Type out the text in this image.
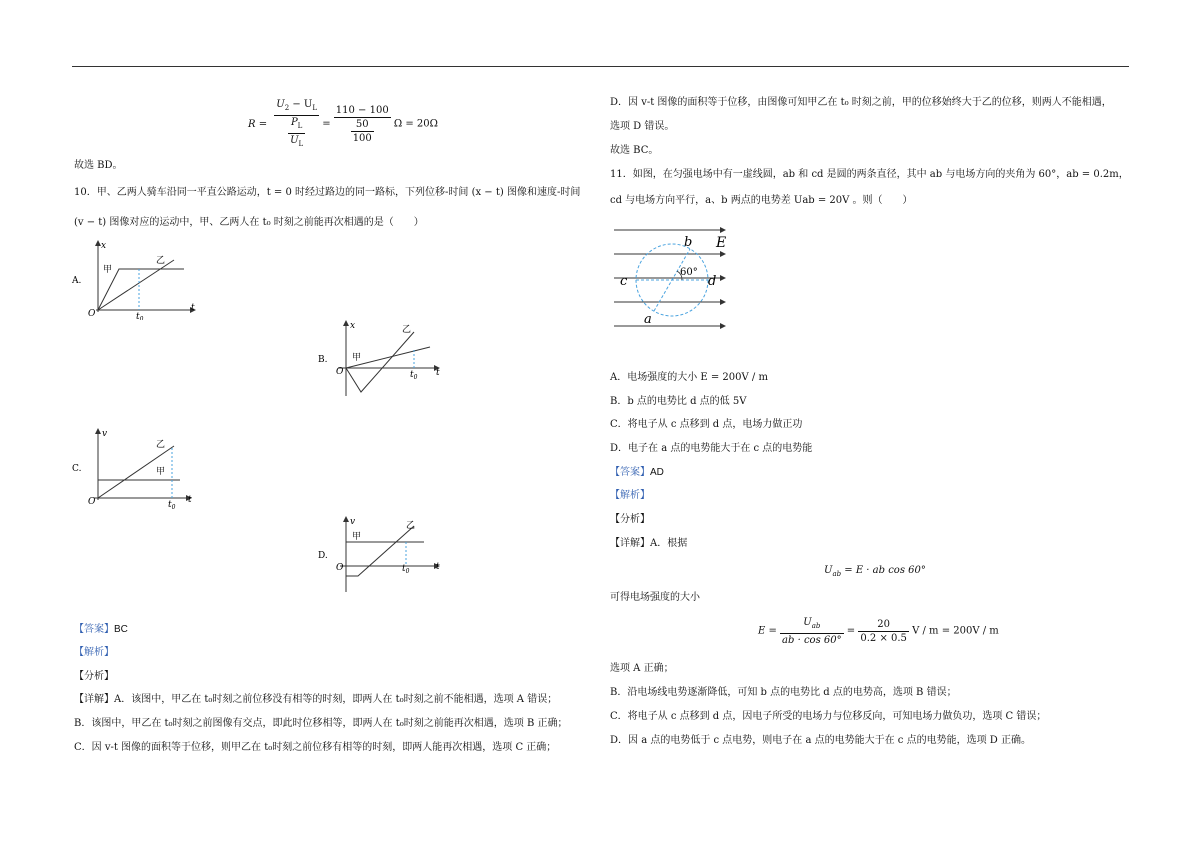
$R = \frac{U_2 - U_L}{\frac{P_L}{U_L}} = \frac{110 - 100}{\frac{50}{100}}$ Ω = 20Ω
故选 BD。
10．甲、乙两人骑车沿同一平直公路运动，t = 0 时经过路边的同一路标，下列位移-时间 (x − t) 图像和速度-时间
(v − t) 图像对应的运动中，甲、乙两人在 t₀ 时刻之前能再次相遇的是（　　）
A.
x
t
O
甲
乙
$t_0$
B.
x
t
O
甲
乙
$t_0$
C.
v
t
O
甲
乙
$t_0$
D.
v
t
O
甲
乙
$t_0$
【答案】BC
【解析】
【分析】
【详解】A．该图中，甲乙在 t₀时刻之前位移没有相等的时刻，即两人在 t₀时刻之前不能相遇，选项 A 错误；
B．该图中，甲乙在 t₀时刻之前图像有交点，即此时位移相等，即两人在 t₀时刻之前能再次相遇，选项 B 正确；
C．因 v-t 图像的面积等于位移，则甲乙在 t₀时刻之前位移有相等的时刻，即两人能再次相遇，选项 C 正确；
D．因 v-t 图像的面积等于位移，由图像可知甲乙在 t₀ 时刻之前，甲的位移始终大于乙的位移，则两人不能相遇，
选项 D 错误。
故选 BC。
11．如图，在匀强电场中有一虚线圆，ab 和 cd 是圆的两条直径，其中 ab 与电场方向的夹角为 60°，ab = 0.2m，
cd 与电场方向平行，a、b 两点的电势差 Uab = 20V 。则（　　）
E
b
a
c	d
60°
A．电场强度的大小 E = 200V / m
B．b 点的电势比 d 点的低 5V
C．将电子从 c 点移到 d 点，电场力做正功
D．电子在 a 点的电势能大于在 c 点的电势能
【答案】AD
【解析】
【分析】
【详解】A．根据
$U_{ab} = E$ · ab cos 60°
可得电场强度的大小
$E = \frac{U_{ab}}{ab \cdot \cos 60^\circ} = \frac{20}{0.2 \times 0.5}$ V / m = 200V / m
选项 A 正确；
B．沿电场线电势逐渐降低，可知 b 点的电势比 d 点的电势高，选项 B 错误；
C．将电子从 c 点移到 d 点，因电子所受的电场力与位移反向，可知电场力做负功，选项 C 错误；
D．因 a 点的电势低于 c 点电势，则电子在 a 点的电势能大于在 c 点的电势能，选项 D 正确。
